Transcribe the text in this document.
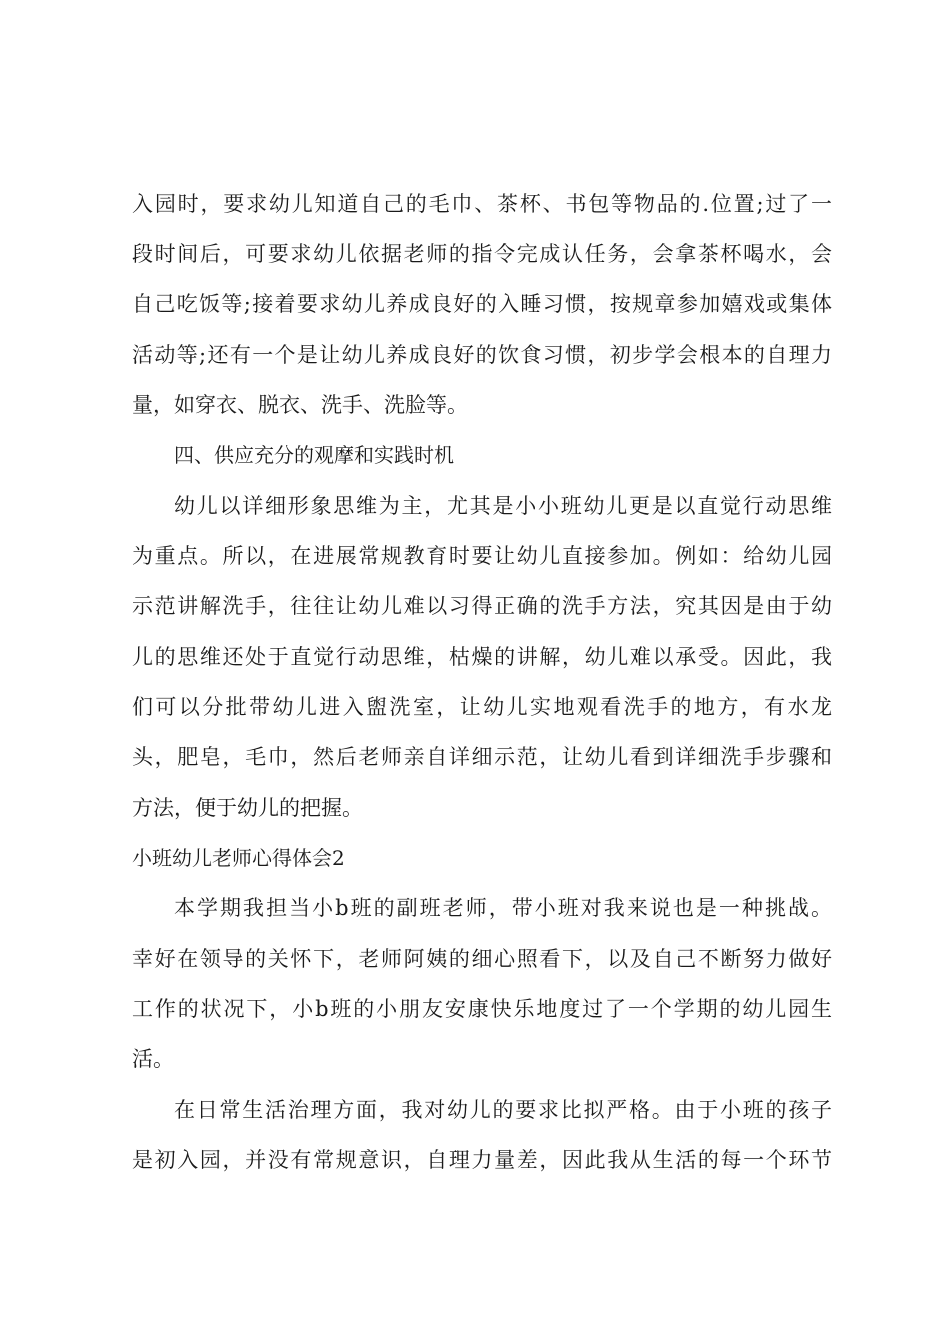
入园时，要求幼儿知道自己的毛巾、茶杯、书包等物品的.位置;过了一
段时间后，可要求幼儿依据老师的指令完成认任务，会拿茶杯喝水，会
自己吃饭等;接着要求幼儿养成良好的入睡习惯，按规章参加嬉戏或集体
活动等;还有一个是让幼儿养成良好的饮食习惯，初步学会根本的自理力
量，如穿衣、脱衣、洗手、洗脸等。
四、供应充分的观摩和实践时机
幼儿以详细形象思维为主，尤其是小小班幼儿更是以直觉行动思维
为重点。所以，在进展常规教育时要让幼儿直接参加。例如：给幼儿园
示范讲解洗手，往往让幼儿难以习得正确的洗手方法，究其因是由于幼
儿的思维还处于直觉行动思维，枯燥的讲解，幼儿难以承受。因此，我
们可以分批带幼儿进入盥洗室，让幼儿实地观看洗手的地方，有水龙
头，肥皂，毛巾，然后老师亲自详细示范，让幼儿看到详细洗手步骤和
方法，便于幼儿的把握。
小班幼儿老师心得体会2
本学期我担当小b班的副班老师，带小班对我来说也是一种挑战。
幸好在领导的关怀下，老师阿姨的细心照看下，以及自己不断努力做好
工作的状况下，小b班的小朋友安康快乐地度过了一个学期的幼儿园生
活。
在日常生活治理方面，我对幼儿的要求比拟严格。由于小班的孩子
是初入园，并没有常规意识，自理力量差，因此我从生活的每一个环节
